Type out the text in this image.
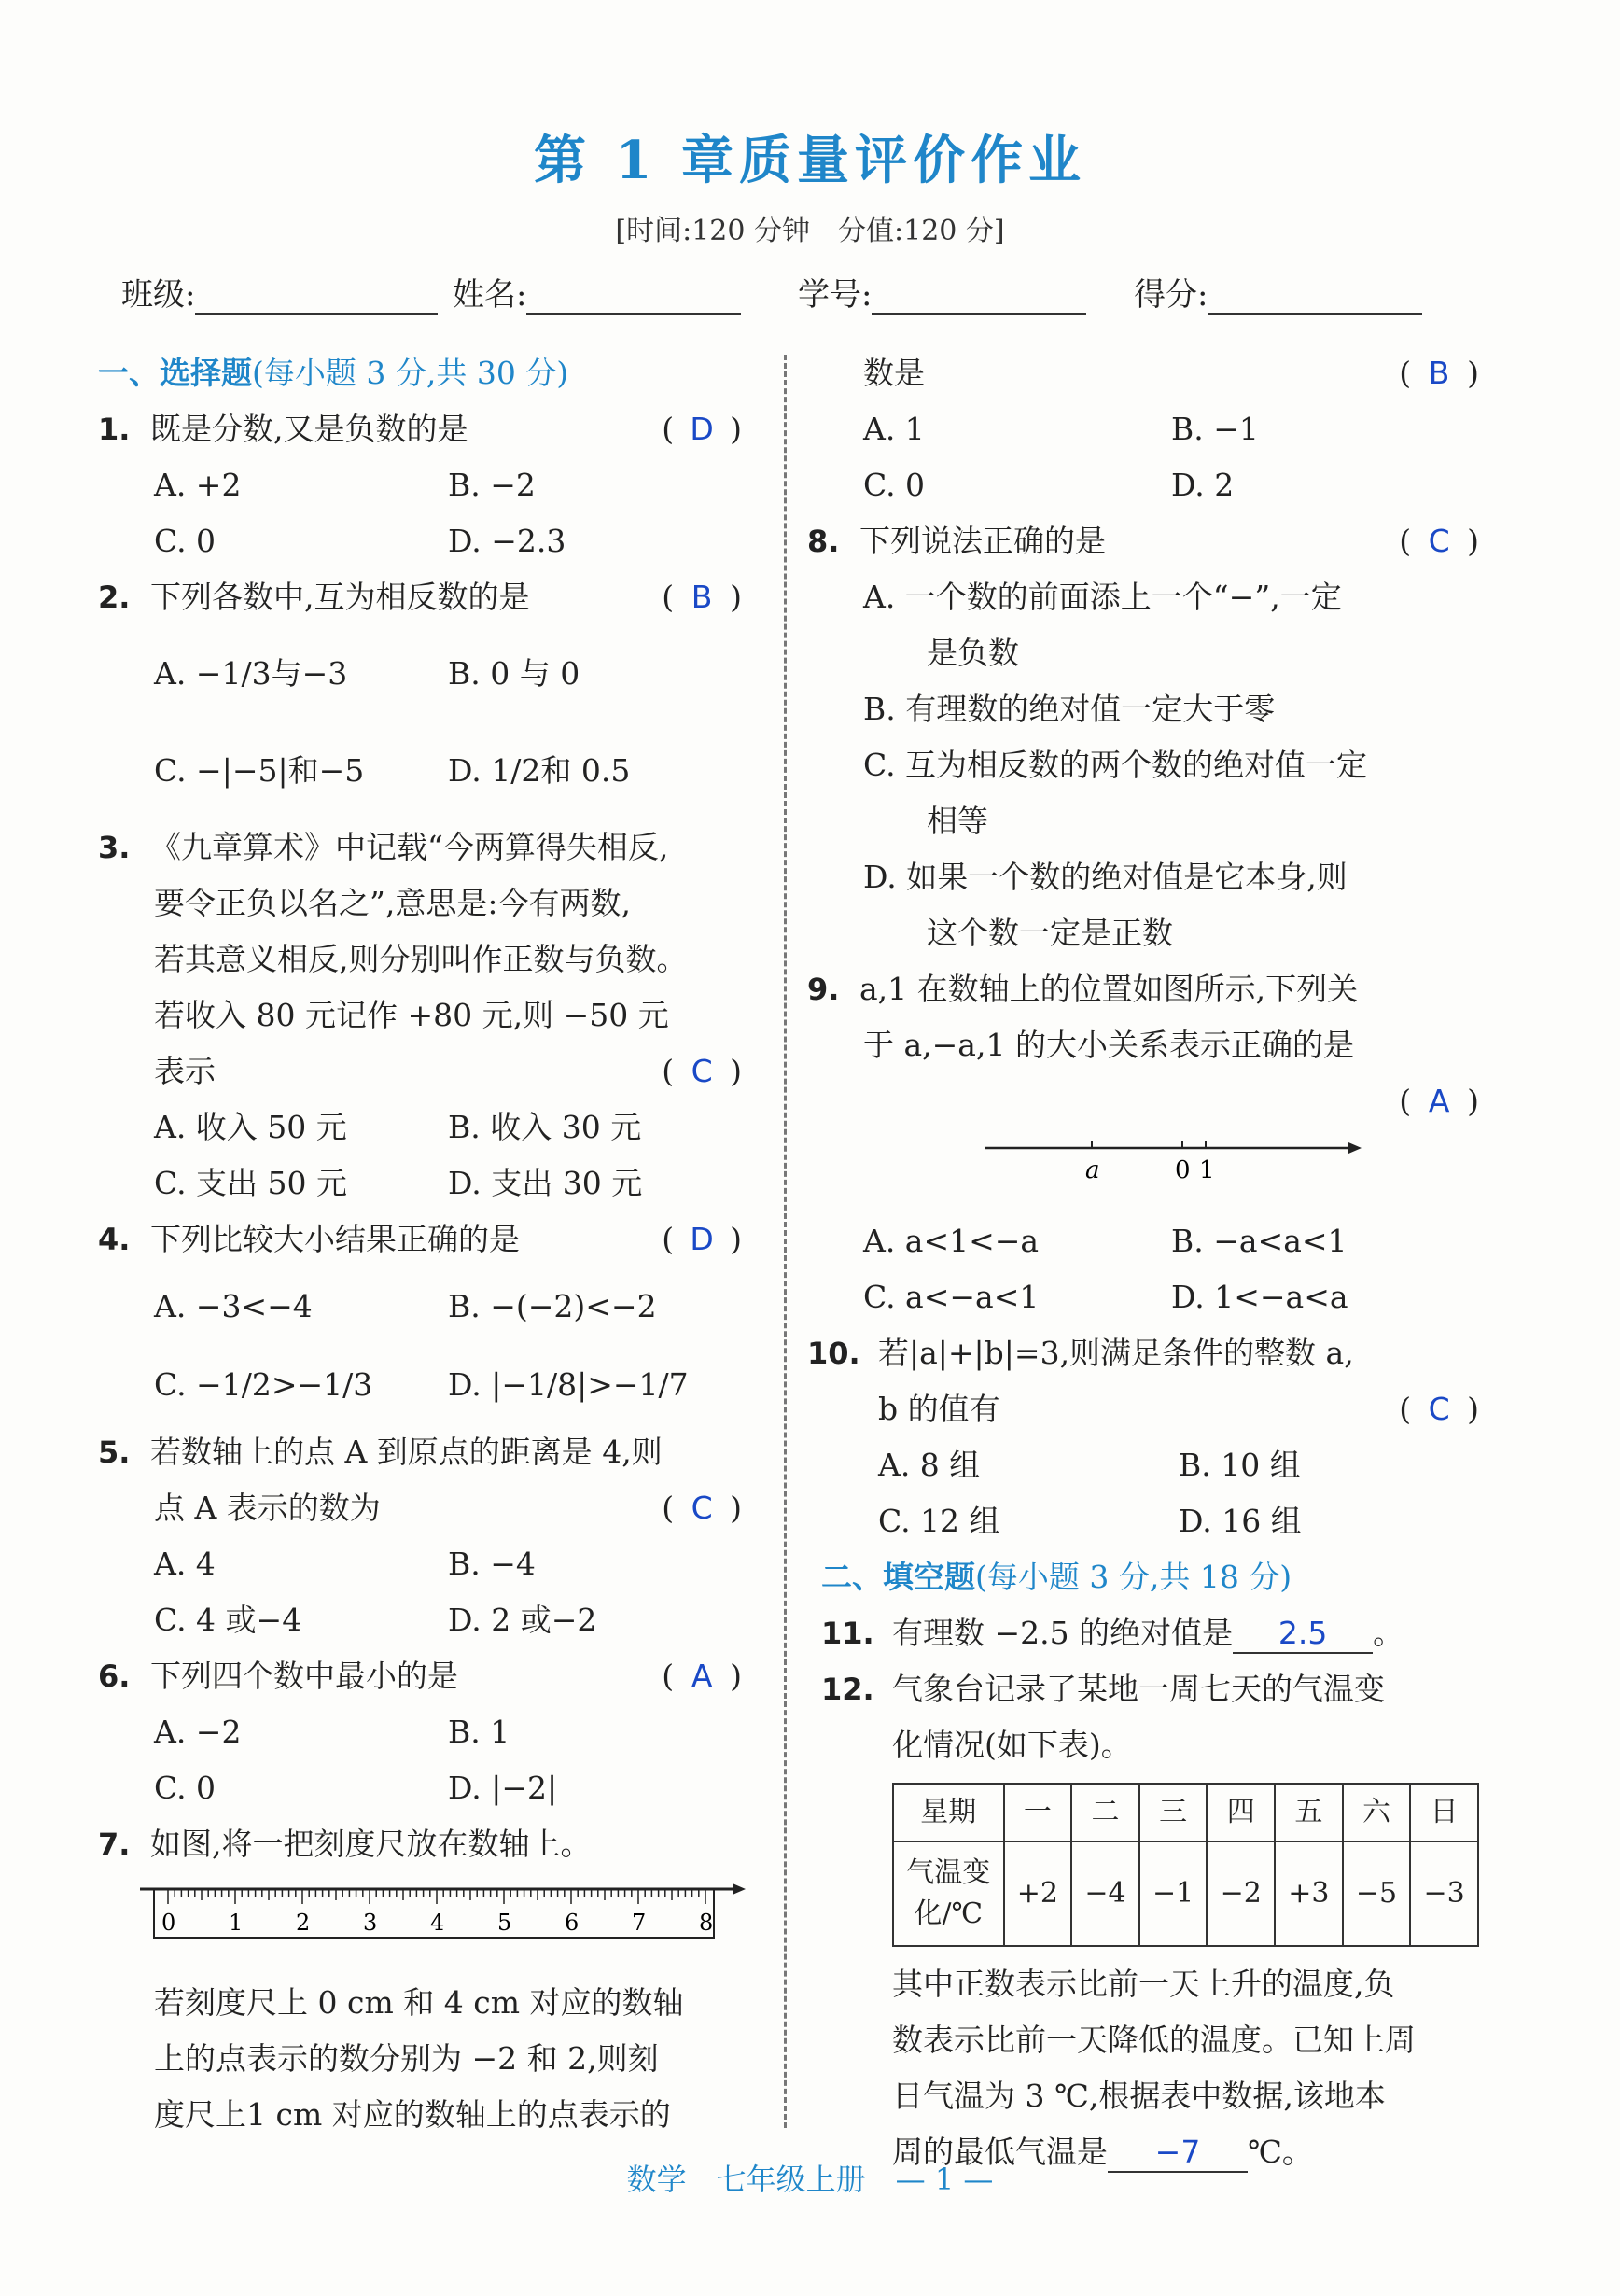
第 1 章质量评价作业
[时间:120 分钟　分值:120 分]
班级:	姓名:	学号:	得分:
一、选择题(每小题 3 分,共 30 分)
1. 既是分数,又是负数的是	( D )
A. +2	B. −2
C. 0	D. −2.3
2. 下列各数中,互为相反数的是	( B )
A. −1/3与−3	B. 0 与 0
C. −|−5|和−5	D. 1/2和 0.5
3. 《九章算术》中记载“今两算得失相反,
要令正负以名之”,意思是:今有两数,
若其意义相反,则分别叫作正数与负数。
若收入 80 元记作 +80 元,则 −50 元
表示	( C )
A. 收入 50 元	B. 收入 30 元
C. 支出 50 元	D. 支出 30 元
4. 下列比较大小结果正确的是	( D )
A. −3<−4	B. −(−2)<−2
C. −1/2>−1/3	D. |−1/8|>−1/7
5. 若数轴上的点 A 到原点的距离是 4,则
点 A 表示的数为	( C )
A. 4	B. −4
C. 4 或−4	D. 2 或−2
6. 下列四个数中最小的是	( A )
A. −2	B. 1
C. 0	D. |−2|
7. 如图,将一把刻度尺放在数轴上。
0 1 2 3 4 5 6 7 8
若刻度尺上 0 cm 和 4 cm 对应的数轴
上的点表示的数分别为 −2 和 2,则刻
度尺上1 cm 对应的数轴上的点表示的
数是	( B )
A. 1	B. −1
C. 0	D. 2
8. 下列说法正确的是	( C )
A. 一个数的前面添上一个“−”,一定
是负数
B. 有理数的绝对值一定大于零
C. 互为相反数的两个数的绝对值一定
相等
D. 如果一个数的绝对值是它本身,则
这个数一定是正数
9. a,1 在数轴上的位置如图所示,下列关
于 a,−a,1 的大小关系表示正确的是
( A )
a	0 1
A. a<1<−a	B. −a<a<1
C. a<−a<1	D. 1<−a<a
10. 若|a|+|b|=3,则满足条件的整数 a,
b 的值有	( C )
A. 8 组	B. 10 组
C. 12 组	D. 16 组
二、填空题(每小题 3 分,共 18 分)
11. 有理数 −2.5 的绝对值是 2.5 。
12. 气象台记录了某地一周七天的气温变
化情况(如下表)。
星期	一	二	三	四	五	六	日

气温变
化/℃	+2	−4	−1	−2	+3	−5	−3
其中正数表示比前一天上升的温度,负
数表示比前一天降低的温度。已知上周
日气温为 3 ℃,根据表中数据,该地本
周的最低气温是 −7 ℃。
数学　七年级上册　— 1 —
